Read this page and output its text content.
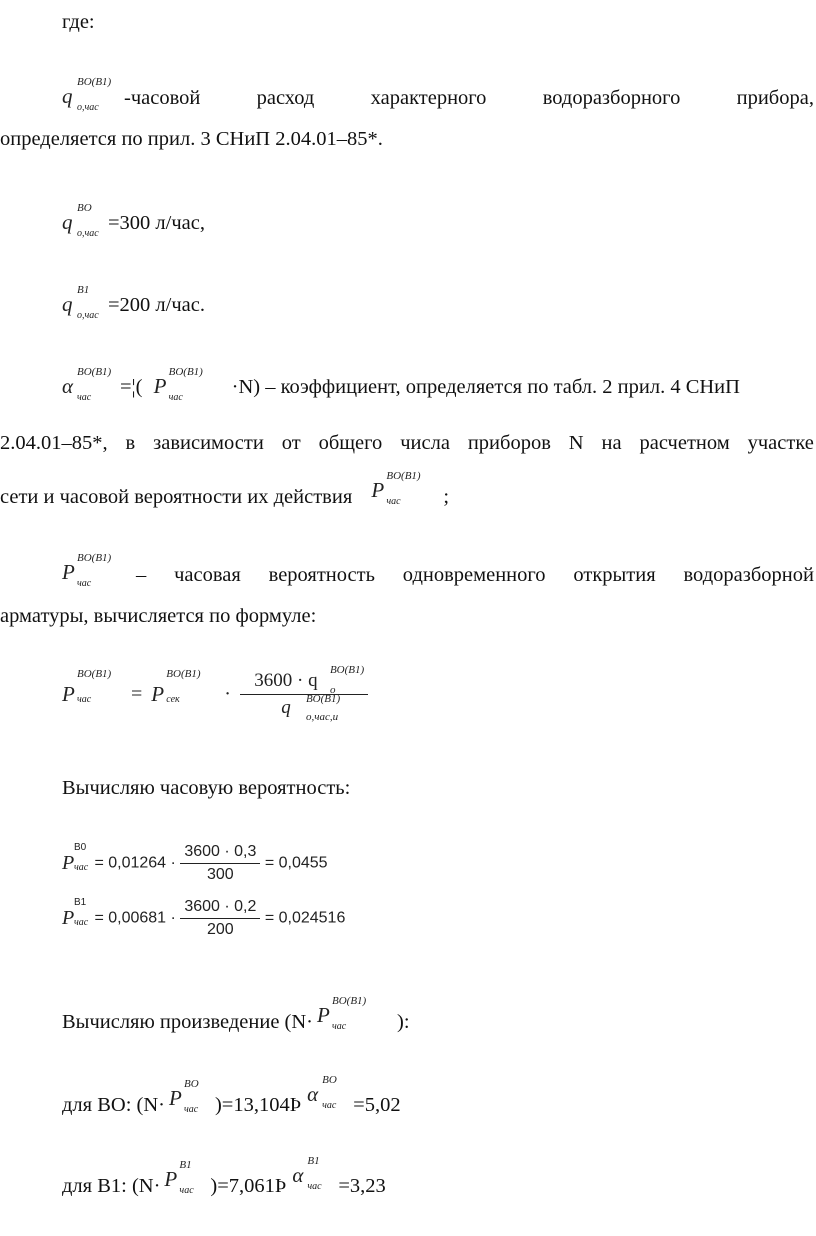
где:
q
BO(B1)
o,час -часовой	расход	характерного	водоразборного	прибора,
определяется по прил. 3 СНиП 2.04.01–85*.
q
BO
o,час =300 л/час,
q
B1
o,час =200 л/час.
α
BO(B1)
час =¦( P
BO(B1)
час ·N) – коэффициент, определяется по табл. 2 прил. 4 СНиП
2.04.01–85*, в зависимости от общего числа приборов N на расчетном участке
сети и часовой вероятности их действия P
BO(B1)
час ;
P
BO(B1)
час – часовая вероятность одновременного открытия водоразборной
арматуры, вычисляется по формуле:
P
BO(B1)
час = P
BO(B1)
сек · 3600 · q BO(B1)
o
q BO(B1)
o,час,u
Вычисляю часовую вероятность:
P
B0
час = $0,01264 \cdot \frac{3600 \cdot 0,3}{300} = 0,0455$
P
B1
час = $0,00681 \cdot \frac{3600 \cdot 0,2}{200} = 0,024516$
Вычисляю произведение (N· P
BO(B1)
час ):
для ВО: (N· P
BO
час )=13,104Þ α
BO
час =5,02
для В1: (N· P
B1
час )=7,061Þ α
B1
час =3,23
